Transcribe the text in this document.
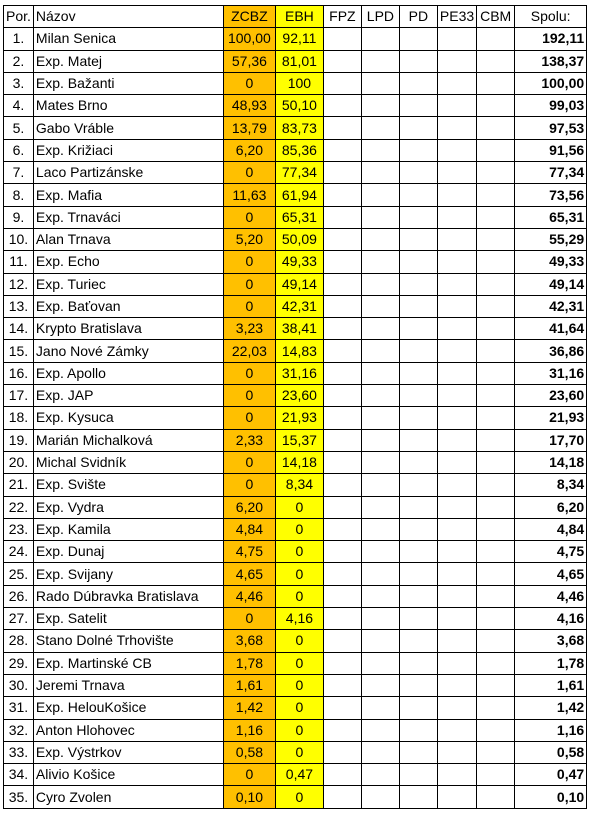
Por.	Názov	ZCBZ	EBH	FPZ	LPD	PD	PE33	CBM	Spolu:
1.	Milan Senica	100,00	92,11						192,11
2.	Exp. Matej	57,36	81,01						138,37
3.	Exp. Bažanti	0	100						100,00
4.	Mates Brno	48,93	50,10						99,03
5.	Gabo Vráble	13,79	83,73						97,53
6.	Exp. Križiaci	6,20	85,36						91,56
7.	Laco Partizánske	0	77,34						77,34
8.	Exp. Mafia	11,63	61,94						73,56
9.	Exp. Trnaváci	0	65,31						65,31
10.	Alan Trnava	5,20	50,09						55,29
11.	Exp. Echo	0	49,33						49,33
12.	Exp. Turiec	0	49,14						49,14
13.	Exp. Baťovan	0	42,31						42,31
14.	Krypto Bratislava	3,23	38,41						41,64
15.	Jano Nové Zámky	22,03	14,83						36,86
16.	Exp. Apollo	0	31,16						31,16
17.	Exp. JAP	0	23,60						23,60
18.	Exp. Kysuca	0	21,93						21,93
19.	Marián Michalková	2,33	15,37						17,70
20.	Michal Svidník	0	14,18						14,18
21.	Exp. Svište	0	8,34						8,34
22.	Exp. Vydra	6,20	0						6,20
23.	Exp. Kamila	4,84	0						4,84
24.	Exp. Dunaj	4,75	0						4,75
25.	Exp. Svijany	4,65	0						4,65
26.	Rado Dúbravka Bratislava	4,46	0						4,46
27.	Exp. Satelit	0	4,16						4,16
28.	Stano Dolné Trhovište	3,68	0						3,68
29.	Exp. Martinské CB	1,78	0						1,78
30.	Jeremi Trnava	1,61	0						1,61
31.	Exp. HelouKošice	1,42	0						1,42
32.	Anton Hlohovec	1,16	0						1,16
33.	Exp. Výstrkov	0,58	0						0,58
34.	Alivio Košice	0	0,47						0,47
35.	Cyro Zvolen	0,10	0						0,10
